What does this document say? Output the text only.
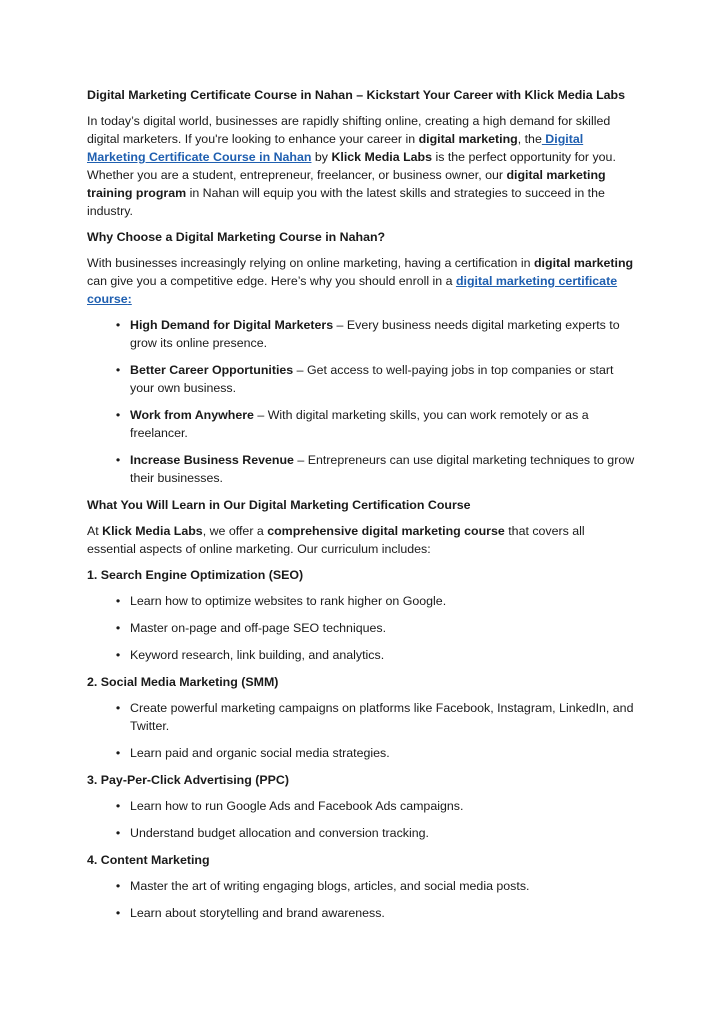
Digital Marketing Certificate Course in Nahan – Kickstart Your Career with Klick Media Labs
In today’s digital world, businesses are rapidly shifting online, creating a high demand for skilled digital marketers. If you're looking to enhance your career in digital marketing, the Digital Marketing Certificate Course in Nahan by Klick Media Labs is the perfect opportunity for you. Whether you are a student, entrepreneur, freelancer, or business owner, our digital marketing training program in Nahan will equip you with the latest skills and strategies to succeed in the industry.
Why Choose a Digital Marketing Course in Nahan?
With businesses increasingly relying on online marketing, having a certification in digital marketing can give you a competitive edge. Here’s why you should enroll in a digital marketing certificate course:
• High Demand for Digital Marketers – Every business needs digital marketing experts to grow its online presence.
• Better Career Opportunities – Get access to well-paying jobs in top companies or start your own business.
• Work from Anywhere – With digital marketing skills, you can work remotely or as a freelancer.
• Increase Business Revenue – Entrepreneurs can use digital marketing techniques to grow their businesses.
What You Will Learn in Our Digital Marketing Certification Course
At Klick Media Labs, we offer a comprehensive digital marketing course that covers all essential aspects of online marketing. Our curriculum includes:
1. Search Engine Optimization (SEO)
• Learn how to optimize websites to rank higher on Google.
• Master on-page and off-page SEO techniques.
• Keyword research, link building, and analytics.
2. Social Media Marketing (SMM)
• Create powerful marketing campaigns on platforms like Facebook, Instagram, LinkedIn, and Twitter.
• Learn paid and organic social media strategies.
3. Pay-Per-Click Advertising (PPC)
• Learn how to run Google Ads and Facebook Ads campaigns.
• Understand budget allocation and conversion tracking.
4. Content Marketing
• Master the art of writing engaging blogs, articles, and social media posts.
• Learn about storytelling and brand awareness.
